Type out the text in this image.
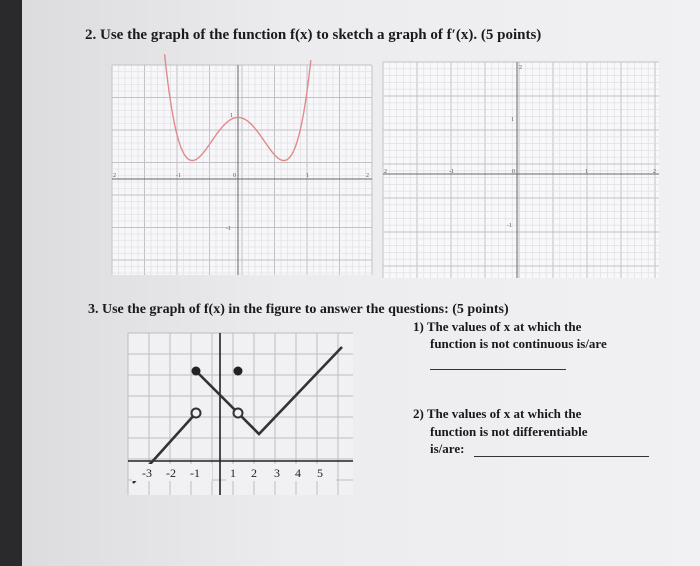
2. Use the graph of the function f(x) to sketch a graph of f′(x). (5 points)
1
-1
0
-1	1
2	2
2
1
-1
0
-1	1
2	2
3. Use the graph of f(x) in the figure to answer the questions: (5 points)
-3 -2 -1	1 2 3 4 5
1) The values of x at which the
function is not continuous is/are
2) The values of x at which the
function is not differentiable
is/are:
